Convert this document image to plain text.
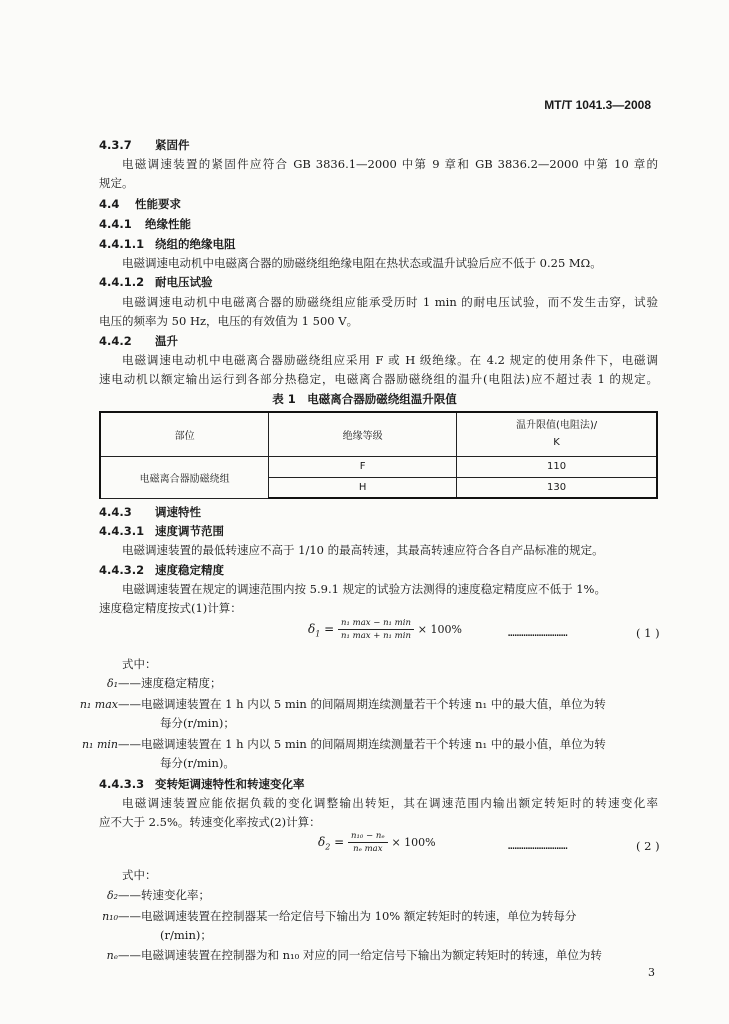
MT/T 1041.3—2008
4.3.7 紧固件
电磁调速装置的紧固件应符合 GB 3836.1—2000 中第 9 章和 GB 3836.2—2000 中第 10 章的
规定。
4.4 性能要求
4.4.1 绝缘性能
4.4.1.1 绕组的绝缘电阻
电磁调速电动机中电磁离合器的励磁绕组绝缘电阻在热状态或温升试验后应不低于 0.25 MΩ。
4.4.1.2 耐电压试验
电磁调速电动机中电磁离合器的励磁绕组应能承受历时 1 min 的耐电压试验，而不发生击穿，试验
电压的频率为 50 Hz，电压的有效值为 1 500 V。
4.4.2 温升
电磁调速电动机中电磁离合器励磁绕组应采用 F 或 H 级绝缘。在 4.2 规定的使用条件下，电磁调
速电动机以额定输出运行到各部分热稳定，电磁离合器励磁绕组的温升(电阻法)应不超过表 1 的规定。
表 1　电磁离合器励磁绕组温升限值
部位	绝缘等级	温升限值(电阻法)/
K
电磁离合器励磁绕组	F	110
	H	130
4.4.3 调速特性
4.4.3.1 速度调节范围
电磁调速装置的最低转速应不高于 1/10 的最高转速，其最高转速应符合各自产品标准的规定。
4.4.3.2 速度稳定精度
电磁调速装置在规定的调速范围内按 5.9.1 规定的试验方法测得的速度稳定精度应不低于 1%。
速度稳定精度按式(1)计算：
$\delta_1 = \frac{\text{n₁ max − n₁ min}}{\text{n₁ max + n₁ min}} \times 100\%$	………………………	( 1 )
式中：
δ₁——速度稳定精度；
n₁ max——电磁调速装置在 1 h 内以 5 min 的间隔周期连续测量若干个转速 n₁ 中的最大值，单位为转
每分(r/min)；
n₁ min——电磁调速装置在 1 h 内以 5 min 的间隔周期连续测量若干个转速 n₁ 中的最小值，单位为转
每分(r/min)。
4.4.3.3 变转矩调速特性和转速变化率
电磁调速装置应能依据负载的变化调整输出转矩，其在调速范围内输出额定转矩时的转速变化率
应不大于 2.5%。转速变化率按式(2)计算：
$\delta_2 = \frac{\text{n₁₀ − nₑ}}{\text{nₑ max}} \times 100\%$	………………………	( 2 )
式中：
δ₂——转速变化率；
n₁₀——电磁调速装置在控制器某一给定信号下输出为 10% 额定转矩时的转速，单位为转每分
(r/min)；
nₑ——电磁调速装置在控制器为和 n₁₀ 对应的同一给定信号下输出为额定转矩时的转速，单位为转
3
